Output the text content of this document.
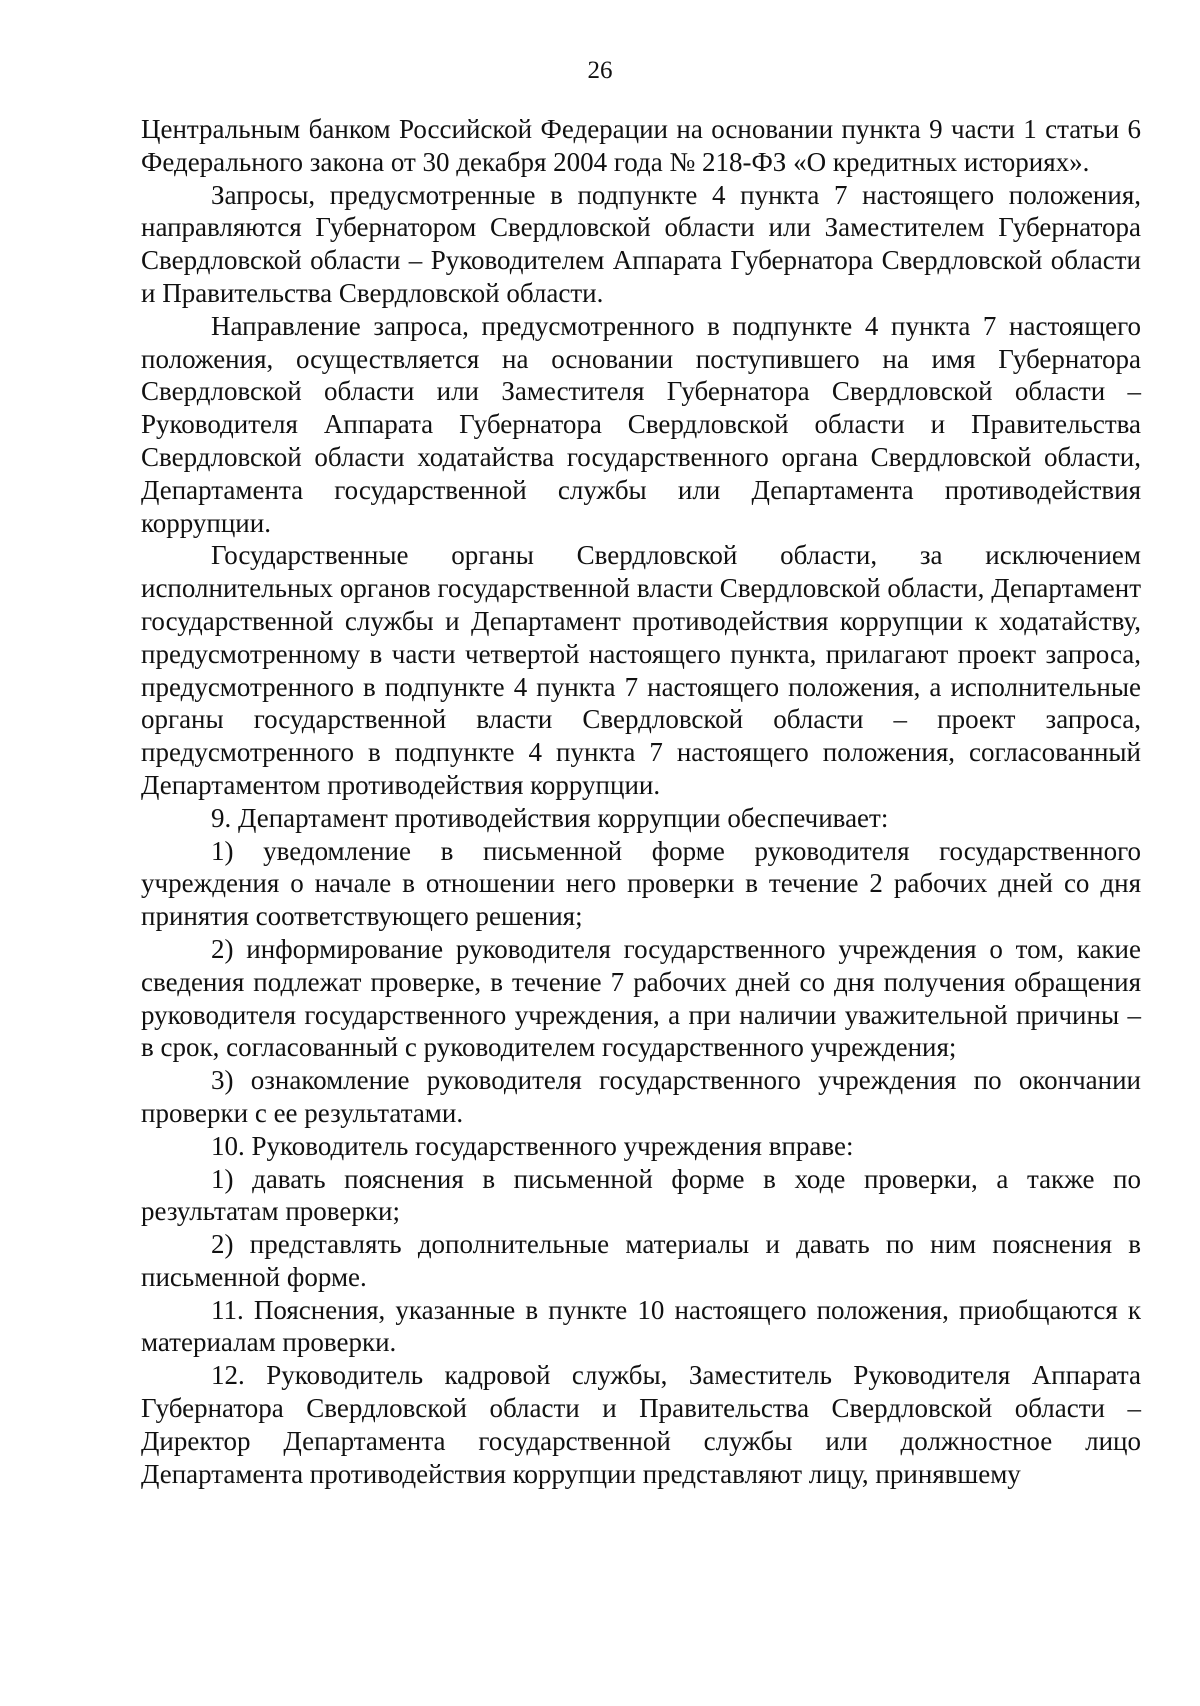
26

Центральным банком Российской Федерации на основании пункта 9 части 1 статьи 6 Федерального закона от 30 декабря 2004 года № 218-ФЗ «О кредитных историях».

Запросы, предусмотренные в подпункте 4 пункта 7 настоящего положения, направляются Губернатором Свердловской области или Заместителем Губернатора Свердловской области – Руководителем Аппарата Губернатора Свердловской области и Правительства Свердловской области.

Направление запроса, предусмотренного в подпункте 4 пункта 7 настоящего положения, осуществляется на основании поступившего на имя Губернатора Свердловской области или Заместителя Губернатора Свердловской области – Руководителя Аппарата Губернатора Свердловской области и Правительства Свердловской области ходатайства государственного органа Свердловской области, Департамента государственной службы или Департамента противодействия коррупции.

Государственные органы Свердловской области, за исключением исполнительных органов государственной власти Свердловской области, Департамент государственной службы и Департамент противодействия коррупции к ходатайству, предусмотренному в части четвертой настоящего пункта, прилагают проект запроса, предусмотренного в подпункте 4 пункта 7 настоящего положения, а исполнительные органы государственной власти Свердловской области – проект запроса, предусмотренного в подпункте 4 пункта 7 настоящего положения, согласованный Департаментом противодействия коррупции.

9. Департамент противодействия коррупции обеспечивает:

1) уведомление в письменной форме руководителя государственного учреждения о начале в отношении него проверки в течение 2 рабочих дней со дня принятия соответствующего решения;

2) информирование руководителя государственного учреждения о том, какие сведения подлежат проверке, в течение 7 рабочих дней со дня получения обращения руководителя государственного учреждения, а при наличии уважительной причины – в срок, согласованный с руководителем государственного учреждения;

3) ознакомление руководителя государственного учреждения по окончании проверки с ее результатами.

10. Руководитель государственного учреждения вправе:

1) давать пояснения в письменной форме в ходе проверки, а также по результатам проверки;

2) представлять дополнительные материалы и давать по ним пояснения в письменной форме.

11. Пояснения, указанные в пункте 10 настоящего положения, приобщаются к материалам проверки.

12. Руководитель кадровой службы, Заместитель Руководителя Аппарата Губернатора Свердловской области и Правительства Свердловской области – Директор Департамента государственной службы или должностное лицо Департамента противодействия коррупции представляют лицу, принявшему
